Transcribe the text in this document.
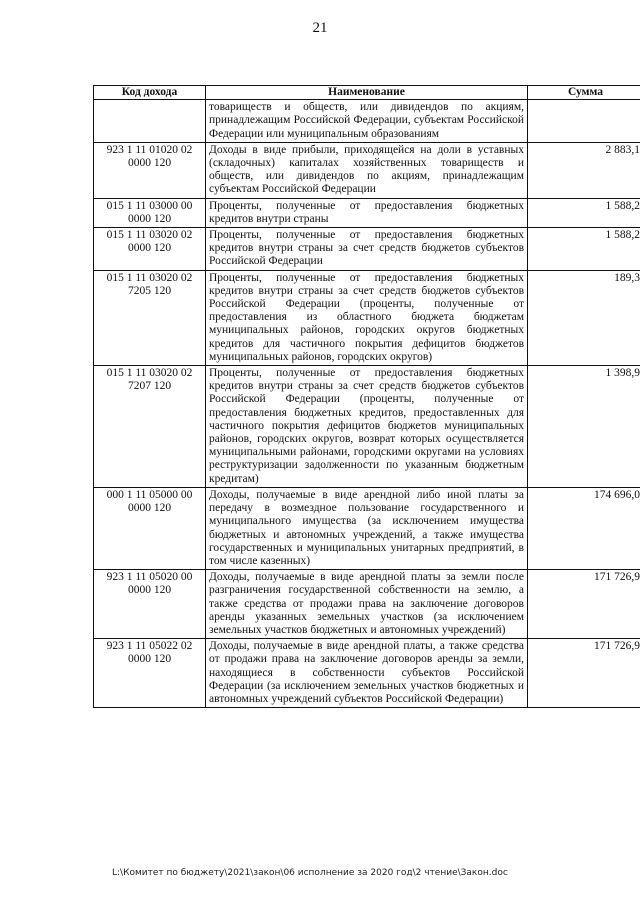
21
Код дохода	Наименование	Сумма
	товариществ и обществ, или дивидендов по акциям, принадлежащим Российской Федерации, субъектам Российской Федерации или муниципальным образованиям	
923 1 11 01020 02 0000 120	Доходы в виде прибыли, приходящейся на доли в уставных (складочных) капиталах хозяйственных товариществ и обществ, или дивидендов по акциям, принадлежащим субъектам Российской Федерации	2 883,1
015 1 11 03000 00 0000 120	Проценты, полученные от предоставления бюджетных кредитов внутри страны	1 588,2
015 1 11 03020 02 0000 120	Проценты, полученные от предоставления бюджетных кредитов внутри страны за счет средств бюджетов субъектов Российской Федерации	1 588,2
015 1 11 03020 02 7205 120	Проценты, полученные от предоставления бюджетных кредитов внутри страны за счет средств бюджетов субъектов Российской Федерации (проценты, полученные от предоставления из областного бюджета бюджетам муниципальных районов, городских округов бюджетных кредитов для частичного покрытия дефицитов бюджетов муниципальных районов, городских округов)	189,3
015 1 11 03020 02 7207 120	Проценты, полученные от предоставления бюджетных кредитов внутри страны за счет средств бюджетов субъектов Российской Федерации (проценты, полученные от предоставления бюджетных кредитов, предоставленных для частичного покрытия дефицитов бюджетов муниципальных районов, городских округов, возврат которых осуществляется муниципальными районами, городскими округами на условиях реструктуризации задолженности по указанным бюджетным кредитам)	1 398,9
000 1 11 05000 00 0000 120	Доходы, получаемые в виде арендной либо иной платы за передачу в возмездное пользование государственного и муниципального имущества (за исключением имущества бюджетных и автономных учреждений, а также имущества государственных и муниципальных унитарных предприятий, в том числе казенных)	174 696,0
923 1 11 05020 00 0000 120	Доходы, получаемые в виде арендной платы за земли после разграничения государственной собственности на землю, а также средства от продажи права на заключение договоров аренды указанных земельных участков (за исключением земельных участков бюджетных и автономных учреждений)	171 726,9
923 1 11 05022 02 0000 120	Доходы, получаемые в виде арендной платы, а также средства от продажи права на заключение договоров аренды за земли, находящиеся в собственности субъектов Российской Федерации (за исключением земельных участков бюджетных и автономных учреждений субъектов Российской Федерации)	171 726,9
L:\Комитет по бюджету\2021\закон\06 исполнение за 2020 год\2 чтение\Закон.doc
